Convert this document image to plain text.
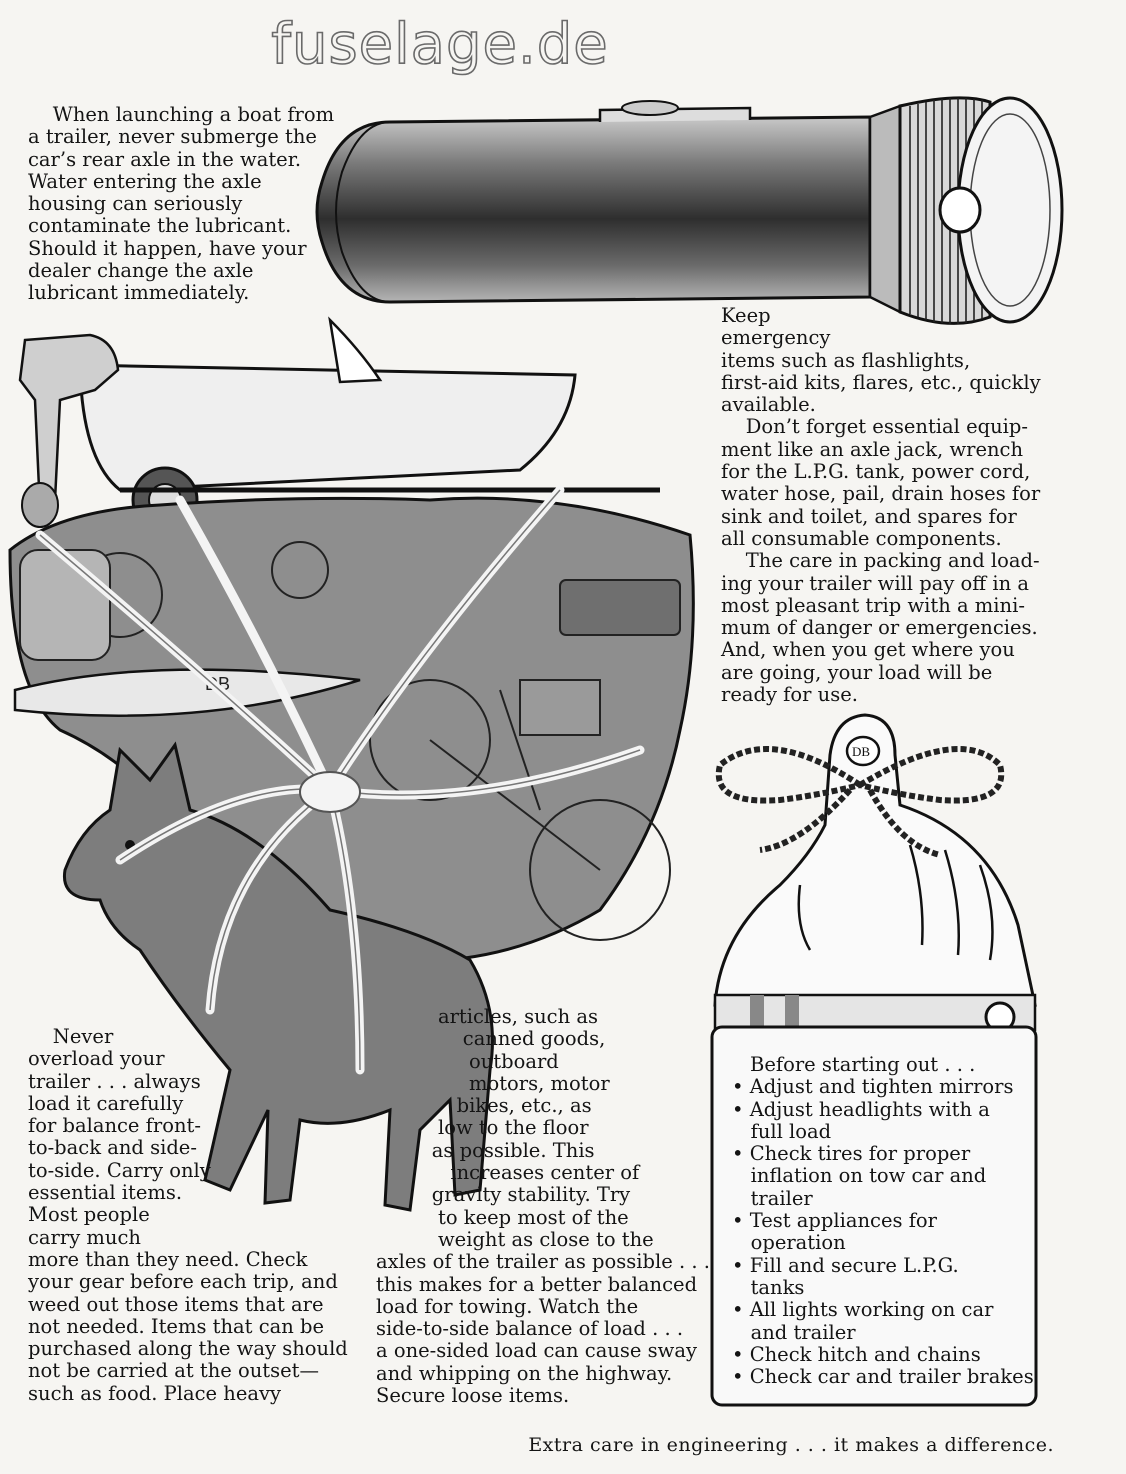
fuselage.de
DB
DB

When launching a boat from
a trailer, never submerge the
car’s rear axle in the water.
Water entering the axle
housing can seriously
contaminate the lubricant.
Should it happen, have your
dealer change the axle
lubricant immediately.

Keep
emergency
items such as flashlights,
first-aid kits, flares, etc., quickly
available.
Don’t forget essential equip-
ment like an axle jack, wrench
for the L.P.G. tank, power cord,
water hose, pail, drain hoses for
sink and toilet, and spares for
all consumable components.
The care in packing and load-
ing your trailer will pay off in a
most pleasant trip with a mini-
mum of danger or emergencies.
And, when you get where you
are going, your load will be
ready for use.

Never
overload your
trailer . . . always
load it carefully
for balance front-
to-back and side-
to-side. Carry only
essential items.
Most people
carry much
more than they need. Check
your gear before each trip, and
weed out those items that are
not needed. Items that can be
purchased along the way should
not be carried at the outset—
such as food. Place heavy

articles, such as
canned goods,
outboard
motors, motor
bikes, etc., as
low to the floor
as possible. This
increases center of
gravity stability. Try
to keep most of the
weight as close to the
axles of the trailer as possible . . .
this makes for a better balanced
load for towing. Watch the
side-to-side balance of load . . .
a one-sided load can cause sway
and whipping on the highway.
Secure loose items.

Before starting out . . .
• Adjust and tighten mirrors
• Adjust headlights with a
full load
• Check tires for proper
inflation on tow car and
trailer
• Test appliances for
operation
• Fill and secure L.P.G.
tanks
• All lights working on car
and trailer
• Check hitch and chains
• Check car and trailer brakes
Extra care in engineering . . . it makes a difference.
